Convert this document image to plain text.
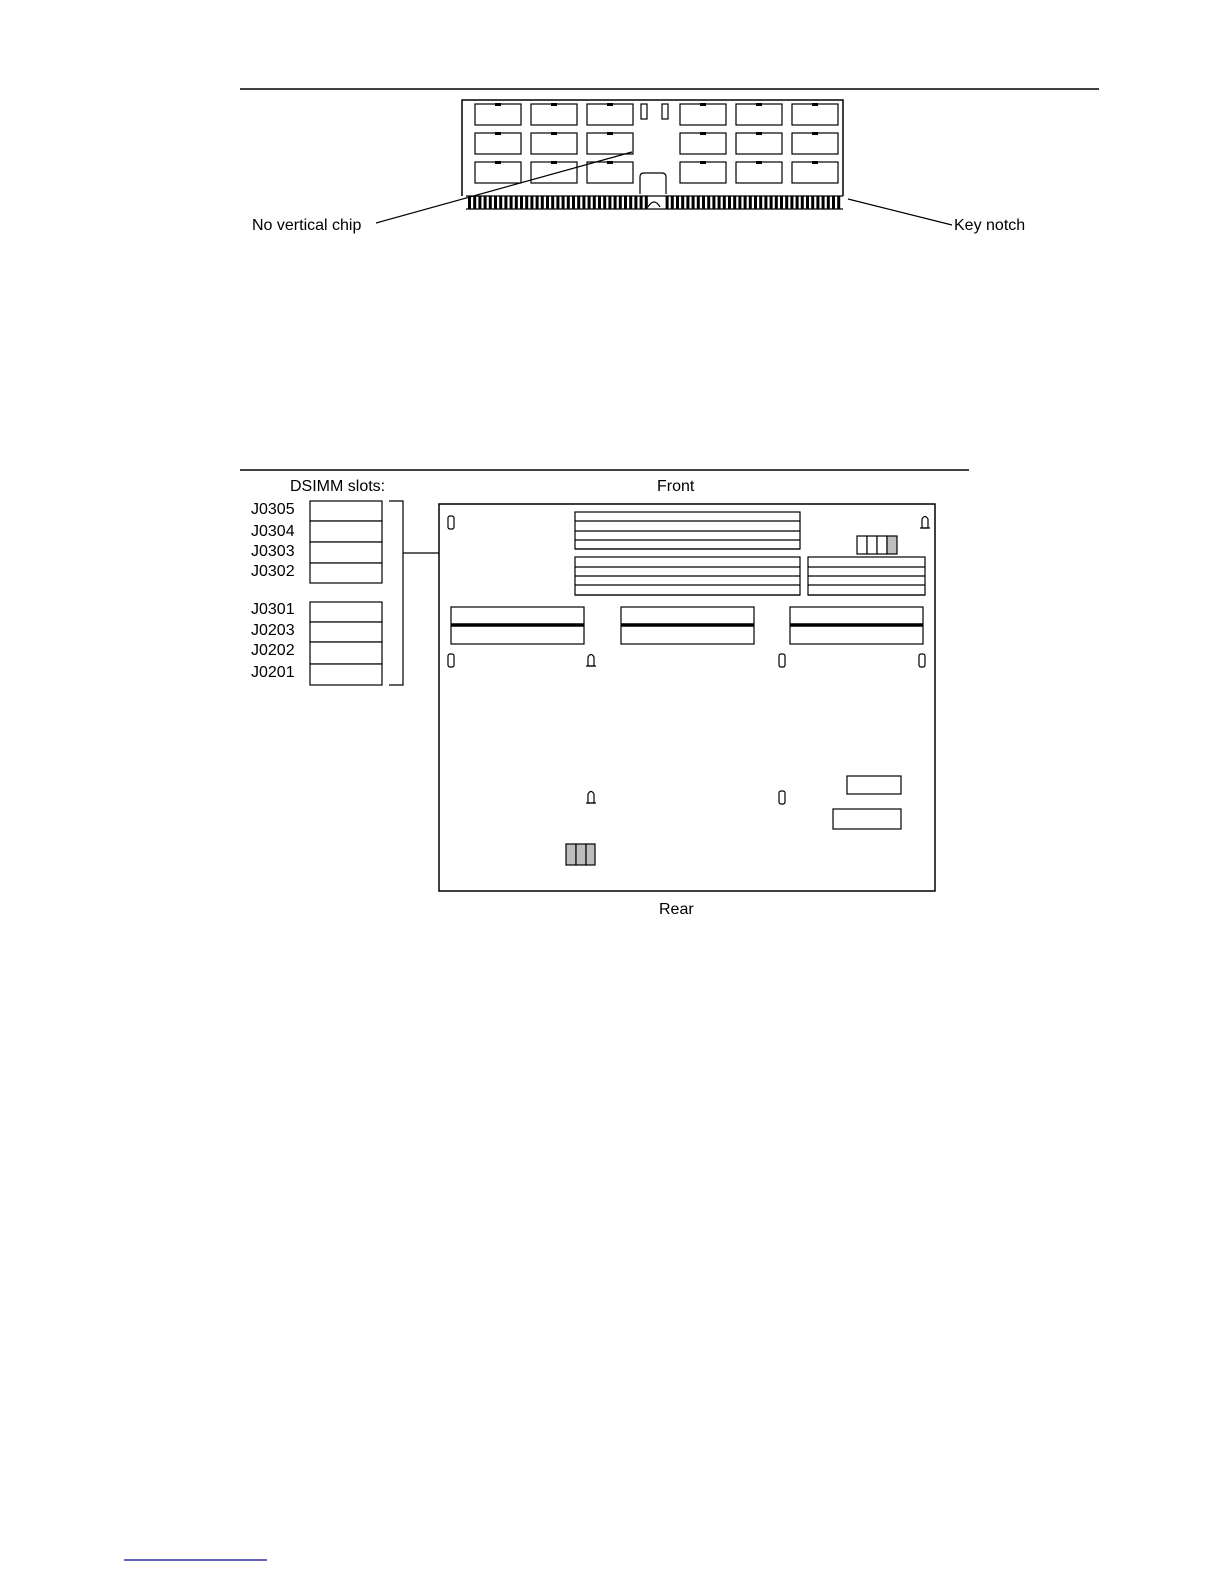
No vertical chip	Key notch
DSIMM slots:	Front
Rear
J0305
J0304
J0303
J0302
J0301
J0203
J0202
J0201
